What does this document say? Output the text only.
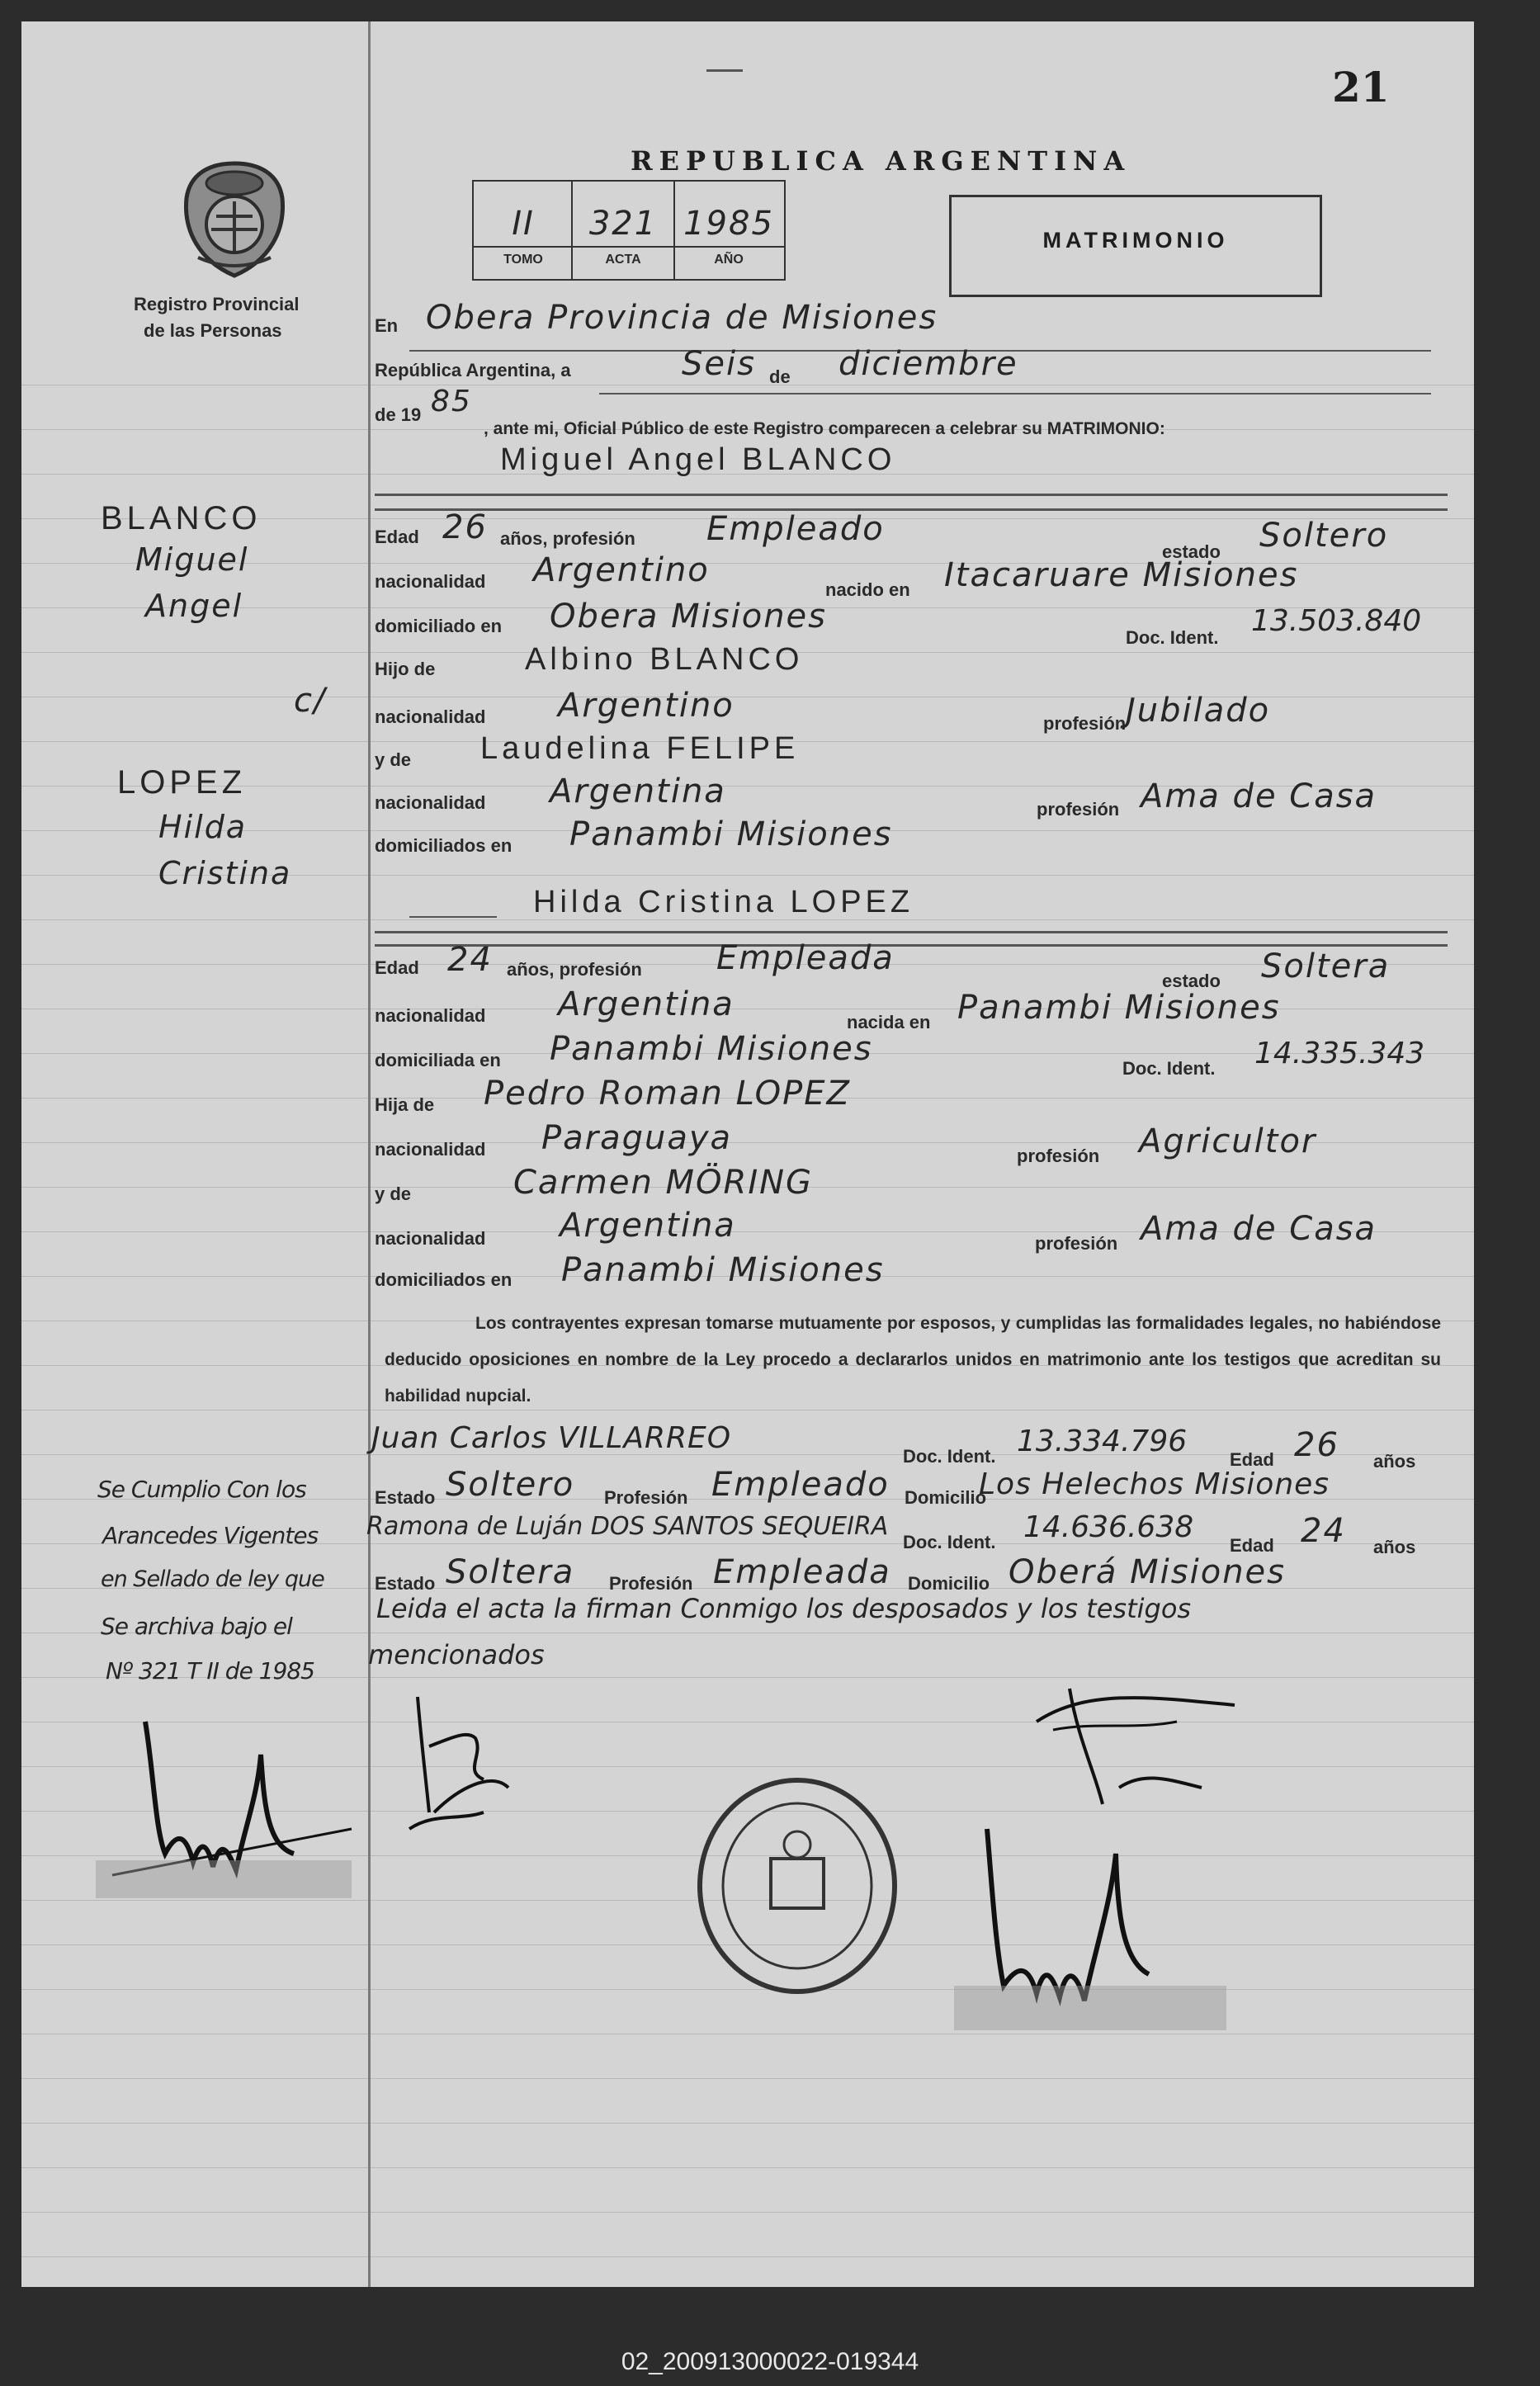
21
REPUBLICA ARGENTINA
Registro Provincial
de las Personas
II	321 1985
TOMO	ACTA	AÑO
MATRIMONIO
En Obera Provincia de Misiones
República Argentina, a	Seis de diciembre
de 19 85
, ante mi, Oficial Público de este Registro comparecen a celebrar su MATRIMONIO:
Miguel Angel BLANCO
Edad 26 años, profesión Empleado
estado Soltero
nacionalidad Argentino
nacido en Itacaruare Misiones
domiciliado en Obera Misiones
Doc. Ident. 13.503.840
Hijo de	Albino BLANCO
nacionalidad Argentino	profesión Jubilado
y de Laudelina FELIPE
nacionalidad Argentina	profesión Ama de Casa
domiciliados en Panambi Misiones
Hilda Cristina LOPEZ
Edad 24 años, profesión Empleada
estado Soltera
nacionalidad Argentina	nacida en Panambi Misiones
domiciliada en Panambi Misiones
Doc. Ident. 14.335.343
Hija de Pedro Roman LOPEZ
nacionalidad Paraguaya	profesión Agricultor
y de	Carmen MÖRING
nacionalidad Argentina	profesión Ama de Casa
domiciliados en Panambi Misiones
Los contrayentes expresan tomarse mutuamente por esposos, y cumplidas las formalidades legales, no habiéndose deducido oposiciones en nombre de la Ley procedo a declararlos unidos en matrimonio ante los testigos que acreditan su habilidad nupcial.
Juan Carlos VILLARREO
Doc. Ident. 13.334.796
Edad 26 años
Estado Soltero Profesión Empleado Domicilio
Los Helechos Misiones
Ramona de Luján DOS SANTOS SEQUEIRA
Doc. Ident. 14.636.638
Edad 24 años
Estado Soltera Profesión Empleada Domicilio Oberá Misiones
Leida el acta la firman Conmigo los desposados y los testigos
mencionados
BLANCO
Miguel
Angel
c/
LOPEZ
Hilda
Cristina
Se Cumplio Con los
Arancedes Vigentes
en Sellado de ley que
Se archiva bajo el
Nº 321 T II de 1985
02_200913000022-019344
